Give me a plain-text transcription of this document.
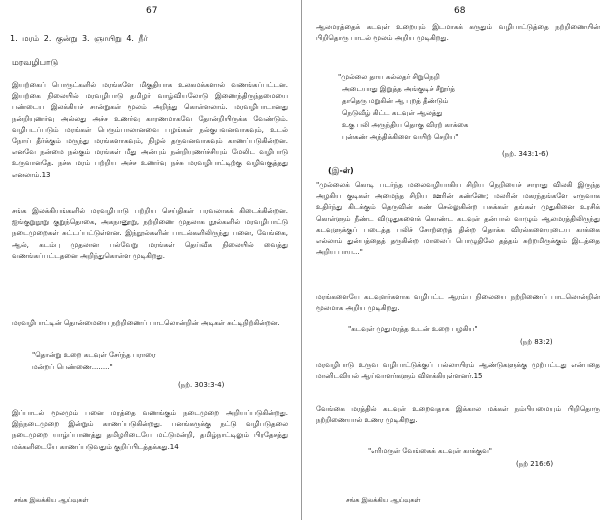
67
1. மரம் 2. குன்று 3. ஞாயிறு 4. நீர்
மரவழிபாடு
இயற்கைப் பொருட்களில் மரங்களே மிகுதியாக உலகமக்களால் வணங்கப்பட்டன. இயற்கை நிலையில் மரவழிபாடு தமிழர் வாழ்வியலோடு இணைந்திருந்தமையை பண்டைய இலக்கியச் சான்றுகள் மூலம் அறிந்து கொள்ளலாம். மரவழிபாடானது நன்றியுணர்வு அல்லது அச்ச உணர்வு காரணமாகவே தோன்றியிருக்க வேண்டும். வழிபடப்படும் மரங்கள் பெரும்பாலானவை பழங்கள் நல்குபவனவாகவும், உடல் நோய் தீர்க்கும் மருந்து மரங்களாகவும், நிழல் தருவனவாகவும் காணப்படுகின்றன. எனவே நன்மை நல்கும் மரங்கள் மீது அன்பும் நன்றியுணர்ச்சியும் மேலிட வழிபாடு உருவானதே. நச்சு மரம் பற்றிய அச்ச உணர்வு நச்சு மரவழிபாட்டிற்கு வழிவகுத்தது எனலாம்.13
சங்க இலக்கியங்களில் மரவழிபாடு பற்றிய செய்திகள் பரவலாகக் கிடைக்கின்றன. ஐங்குறுநூறு குறுந்தொகை, அகநானூறு, நற்றிணை முதலாக நூல்களில் மரவழிபாட்டு நடைமுறைகள் சுட்டப்பட்டுள்ளன. இந்நூல்களின் பாடல்களிலிருந்து பனை, வேங்கை, ஆல், கடம்பு முதலான பல்வேறு மரங்கள் தெய்வீக நிலையில் வைத்து வணங்கப்பட்டதனை அறிந்துகொள்ள முடிகிறது.
மரவழிபாட்டின் தொன்மையை நற்றிணைப் பாடலொன்றின் அடிகள் சுட்டிநிற்கின்றன.
"தொன்று உறை கடவுள் சேர்ந்த பராரை
மன்றப் பெண்ணை........"
(நற். 303:3-4)
இப்பாடல் மூலமும் பனை மரத்தை வணங்கும் நடைமுறை அறியப்படுகின்றது. இந்நடைமுறை இன்றும் காணப்படுகின்றது. பனங்கருக்கு நட்டு வழிபடுதலை நடைமுறை யாழ்ப்பாணத்து தமிழரிடையே மட்டுமன்றி, தமிழ்நாட்டிலும் பிரதேசத்து மக்களிடையே காணப்படுவதும் குறிப்பிடத்தக்கது.14
சங்க இலக்கிய ஆய்வுகள்
68
ஆலமரத்தைக் கடவுள் உறையும் இடமாகக் கருதும் வழிபாட்டுத்தை நற்றிணையின் பிறிதொரு பாடல் மூலம் அறிய முடிகிறது.
"முல்லை தாய கல்லதர் சிறுநெறி
அடையாது இறுத்த அங்குடிச் சீறூர்த்
தாதெரு மறுகின் ஆ புறத் தீண்டும்
நெடுவீழ் கிட்ட கடவுள் ஆலத்து
உகு பலி அருந்திய தொகு விரற் காக்கை
புன்கண் அந்திக்கிளை வயிற் செறிய"
(நற். 343:1-6)
(இ-ள்)
"முல்லைக் கொடி படர்ந்த மலைவழியாகிய சிறிய நெறியைச் சாராது விலகி இருந்த அழகிய குடிகள் அமைந்த சிறிய ஊரின் கண்ணே; மலரின் மகரந்தங்களே எருவாக உதிர்ந்து கிடக்கும் தெருவின் கண் செல்லுகின்ற பசுக்கள் தங்கள் முதுகினை உரசிக் கொள்ளும் நீண்ட விழுதுகளைக் கொண்ட கடவுள் தன்பால் வாழும் ஆலமரத்திலிருந்து கடவுளுக்குப் படைத்த பலிச் சோற்றைத் தின்ற தொக்க விரல்களையுடைய காக்கை எல்லாம் துன்பத்தைத் தருகின்ற மாலைப் பொழுதிலே தத்தம் சுற்றமிருக்கும் இடத்தை அறிய பாய..."
மரங்களையே கடவுளர்களாக வழிபட்ட ஆரம்ப நிலையை நற்றிணைப் பாடலொன்றின் மூலமாக அறிய முடிகிறது.
"கடவுள் முதுமரத்த உடன் உறை பழகிய"
(நற் 83:2)
மரவழிபாடு உருவ வழிபாட்டுக்குப் பல்லாயிரம் ஆண்டுகளுக்கு முற்பட்டது என்பதை மானிடவியல் ஆய்வாளர்களும் விளக்கியுள்ளனர்.15
வேங்கை மரத்தில் கடவுள் உறைவதாக இக்கால மக்கள் நம்பியமையும் பிறிதொரு நற்றிணையால் உணர முடிகிறது.
"எரிமருள் வேங்கைக் கடவுள் காக்குவ"
(நற் 216:6)
சங்க இலக்கிய ஆய்வுகள்
